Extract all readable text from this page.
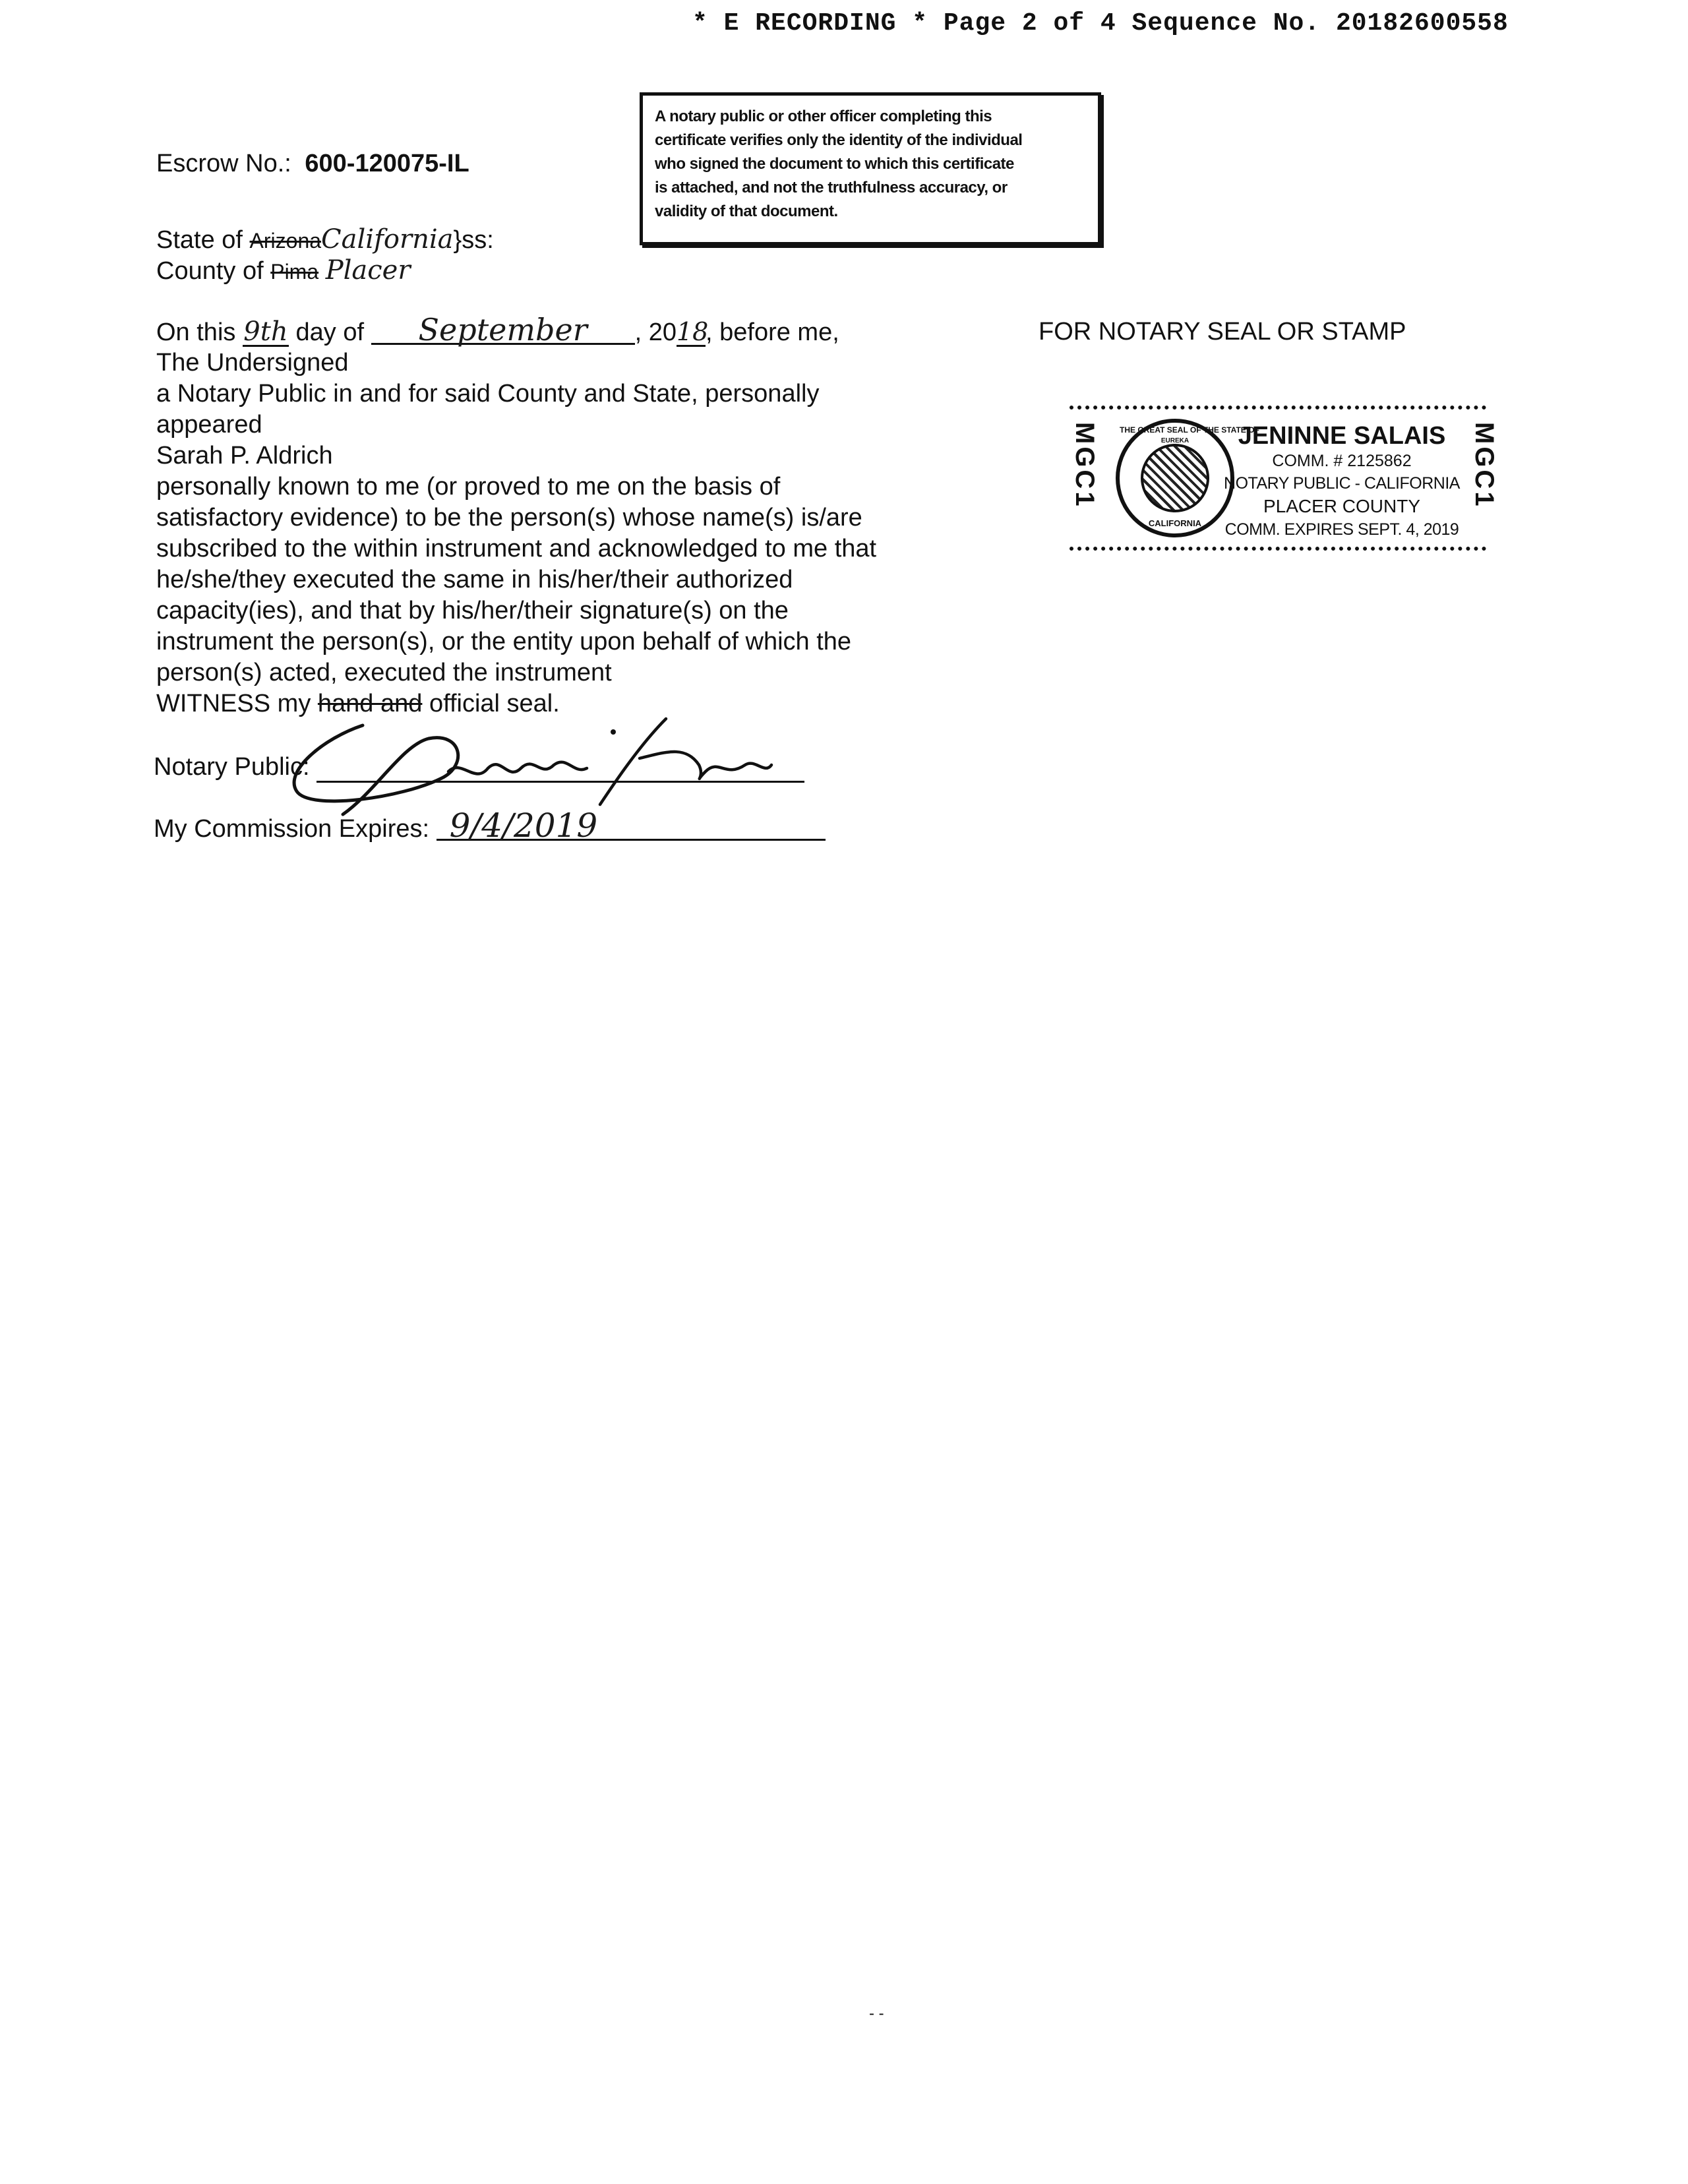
* E RECORDING * Page 2 of 4 Sequence No. 20182600558
A notary public or other officer completing this
certificate verifies only the identity of the individual
who signed the document to which this certificate
is attached, and not the truthfulness accuracy, or
validity of that document.
Escrow No.: 600-120075-IL
State of ArizonaCalifornia}ss:
County of Pima Placer
On this 9th day of September , 2018, before me,
The Undersigned
a Notary Public in and for said County and State, personally
appeared
Sarah P. Aldrich
personally known to me (or proved to me on the basis of
satisfactory evidence) to be the person(s) whose name(s) is/are
subscribed to the within instrument and acknowledged to me that
he/she/they executed the same in his/her/their authorized
capacity(ies), and that by his/her/their signature(s) on the
instrument the person(s), or the entity upon behalf of which the
person(s) acted, executed the instrument
WITNESS my hand and official seal.
Notary Public:
My Commission Expires: 9/4/2019
FOR NOTARY SEAL OR STAMP
MGC1	MGC1
THE GREAT SEAL OF THE STATE OF
EUREKA
CALIFORNIA
JENINNE SALAIS
COMM. # 2125862
NOTARY PUBLIC - CALIFORNIA
PLACER COUNTY
COMM. EXPIRES SEPT. 4, 2019
- -
